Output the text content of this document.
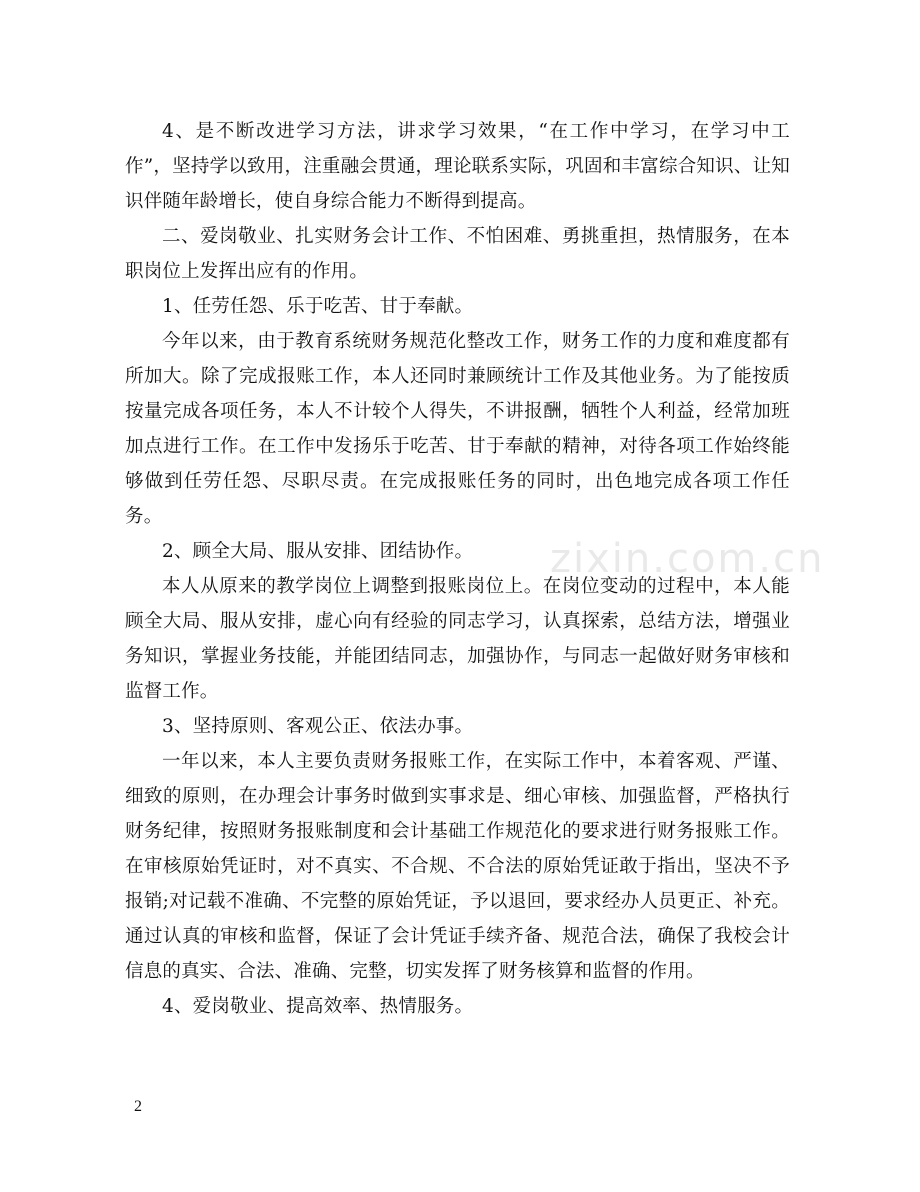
zixin.com.cn

4、是不断改进学习方法，讲求学习效果，“在工作中学习，在学习中工作”，坚持学以致用，注重融会贯通，理论联系实际，巩固和丰富综合知识、让知识伴随年龄增长，使自身综合能力不断得到提高。

二、爱岗敬业、扎实财务会计工作、不怕困难、勇挑重担，热情服务，在本职岗位上发挥出应有的作用。

1、任劳任怨、乐于吃苦、甘于奉献。

今年以来，由于教育系统财务规范化整改工作，财务工作的力度和难度都有所加大。除了完成报账工作，本人还同时兼顾统计工作及其他业务。为了能按质按量完成各项任务，本人不计较个人得失，不讲报酬，牺牲个人利益，经常加班加点进行工作。在工作中发扬乐于吃苦、甘于奉献的精神，对待各项工作始终能够做到任劳任怨、尽职尽责。在完成报账任务的同时，出色地完成各项工作任务。

2、顾全大局、服从安排、团结协作。

本人从原来的教学岗位上调整到报账岗位上。在岗位变动的过程中，本人能顾全大局、服从安排，虚心向有经验的同志学习，认真探索，总结方法，增强业务知识，掌握业务技能，并能团结同志，加强协作，与同志一起做好财务审核和监督工作。

3、坚持原则、客观公正、依法办事。

一年以来，本人主要负责财务报账工作，在实际工作中，本着客观、严谨、细致的原则，在办理会计事务时做到实事求是、细心审核、加强监督，严格执行财务纪律，按照财务报账制度和会计基础工作规范化的要求进行财务报账工作。在审核原始凭证时，对不真实、不合规、不合法的原始凭证敢于指出，坚决不予报销;对记载不准确、不完整的原始凭证，予以退回，要求经办人员更正、补充。通过认真的审核和监督，保证了会计凭证手续齐备、规范合法，确保了我校会计信息的真实、合法、准确、完整，切实发挥了财务核算和监督的作用。

4、爱岗敬业、提高效率、热情服务。

2
